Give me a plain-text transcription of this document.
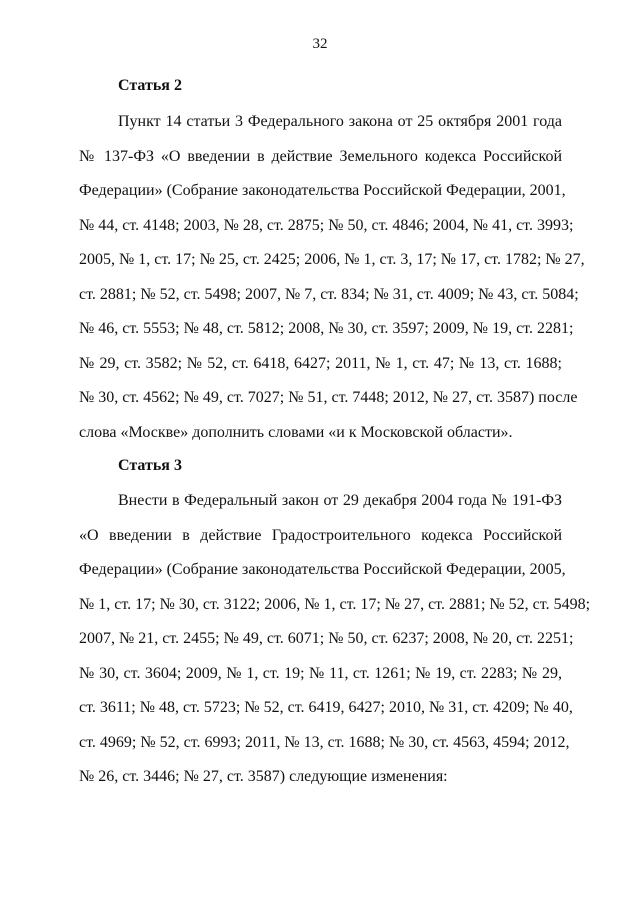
32
Статья 2
Пункт 14 статьи 3 Федерального закона от 25 октября 2001 года
№ 137-ФЗ «О введении в действие Земельного кодекса Российской
Федерации» (Собрание законодательства Российской Федерации, 2001,
№ 44, ст. 4148; 2003, № 28, ст. 2875; № 50, ст. 4846; 2004, № 41, ст. 3993;
2005, № 1, ст. 17; № 25, ст. 2425; 2006, № 1, ст. 3, 17; № 17, ст. 1782; № 27,
ст. 2881; № 52, ст. 5498; 2007, № 7, ст. 834; № 31, ст. 4009; № 43, ст. 5084;
№ 46, ст. 5553; № 48, ст. 5812; 2008, № 30, ст. 3597; 2009, № 19, ст. 2281;
№ 29, ст. 3582; № 52, ст. 6418, 6427; 2011, № 1, ст. 47; № 13, ст. 1688;
№ 30, ст. 4562; № 49, ст. 7027; № 51, ст. 7448; 2012, № 27, ст. 3587) после
слова «Москве» дополнить словами «и к Московской области».
Статья 3
Внести в Федеральный закон от 29 декабря 2004 года № 191-ФЗ
«О введении в действие Градостроительного кодекса Российской
Федерации» (Собрание законодательства Российской Федерации, 2005,
№ 1, ст. 17; № 30, ст. 3122; 2006, № 1, ст. 17; № 27, ст. 2881; № 52, ст. 5498;
2007, № 21, ст. 2455; № 49, ст. 6071; № 50, ст. 6237; 2008, № 20, ст. 2251;
№ 30, ст. 3604; 2009, № 1, ст. 19; № 11, ст. 1261; № 19, ст. 2283; № 29,
ст. 3611; № 48, ст. 5723; № 52, ст. 6419, 6427; 2010, № 31, ст. 4209; № 40,
ст. 4969; № 52, ст. 6993; 2011, № 13, ст. 1688; № 30, ст. 4563, 4594; 2012,
№ 26, ст. 3446; № 27, ст. 3587) следующие изменения:
